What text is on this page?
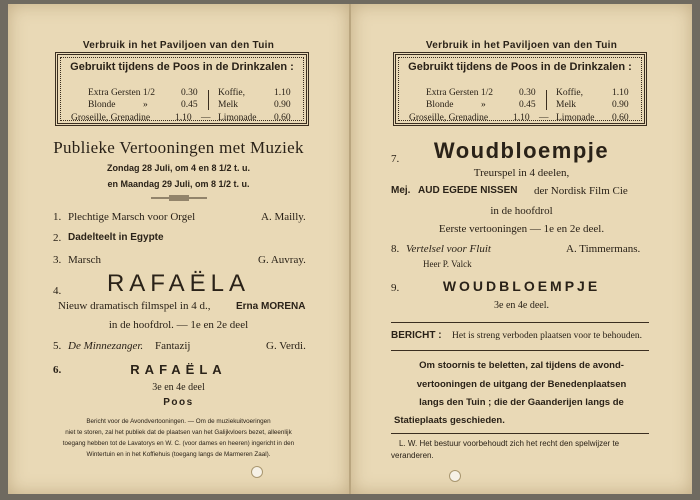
Verbruik in het Paviljoen van den Tuin
Gebruikt tijdens de Poos in de Drinkzalen :
Extra Gersten 1/2	0.30
Blonde	»	0.45
Groseille, Grenadine	1.10 —
Koffie,	1.10
Melk	0.90
Limonade 0.60
Publieke Vertooningen met Muziek
Zondag 28 Juli, om 4 en 8 1/2 t. u.
en Maandag 29 Juli, om 8 1/2 t. u.
1. Plechtige Marsch voor Orgel	A. Mailly.
2. Dadelteelt in Egypte
3. Marsch	G. Auvray.
4.	RAFAËLA
Nieuw dramatisch filmspel in 4 d.,	Erna MORENA
in de hoofdrol. — 1e en 2e deel
5. De Minnezanger. Fantazij	G. Verdi.
6.	RAFAËLA
3e en 4e deel
Poos
Bericht voor de Avondvertooningen. — Om de muziekuitvoeringen
niet te storen, zal het publiek dat de plaatsen van het Galijkvloers bezet, alleenlijk
toegang hebben tot de Lavatorys en W. C. (voor dames en heeren) ingericht in den
Wintertuin en in het Koffiehuis (toegang langs de Marmeren Zaal).
Verbruik in het Paviljoen van den Tuin
Gebruikt tijdens de Poos in de Drinkzalen :
Extra Gersten 1/2	0.30
Blonde	»	0.45
Groseille, Grenadine	1.10 —
Koffie,	1.10
Melk	0.90
Limonade 0.60
7.	Woudbloempje
Treurspel in 4 deelen,
Mej. AUD EGEDE NISSEN der Nordisk Film Cie
in de hoofdrol
Eerste vertooningen — 1e en 2e deel.
8. Vertelsel voor Fluit	A. Timmermans.
Heer P. Valck
9.	WOUDBLOEMPJE
3e en 4e deel.
BERICHT : Het is streng verboden plaatsen voor te behouden.
Om stoornis te beletten, zal tijdens de avond-
vertooningen de uitgang der Benedenplaatsen
langs den Tuin ; die der Gaanderijen langs de
Statieplaats geschieden.
L. W. Het bestuur voorbehoudt zich het recht den spelwijzer te
veranderen.
